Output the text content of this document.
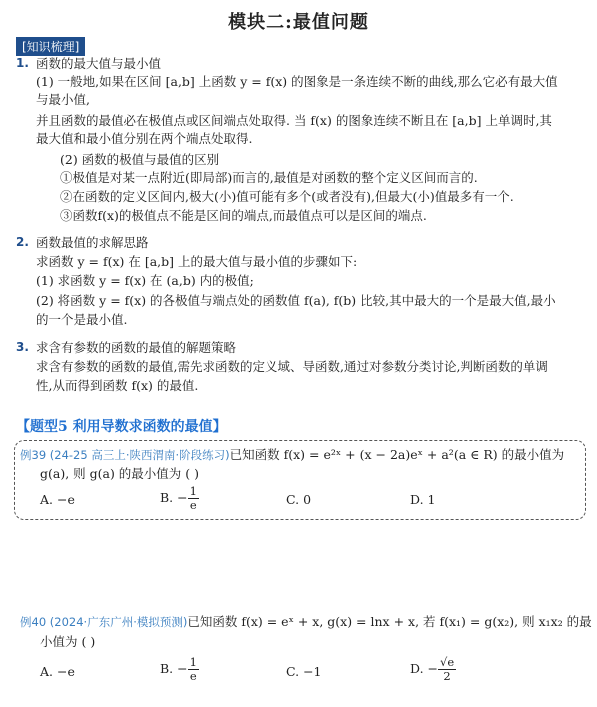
模块二:最值问题
[知识梳理]
1. 函数的最大值与最小值
(1) 一般地,如果在区间 [a,b] 上函数 y = f(x) 的图象是一条连续不断的曲线,那么它必有最大值
与最小值,
并且函数的最值必在极值点或区间端点处取得. 当 f(x) 的图象连续不断且在 [a,b] 上单调时,其
最大值和最小值分别在两个端点处取得.
(2) 函数的极值与最值的区别
①极值是对某一点附近(即局部)而言的,最值是对函数的整个定义区间而言的.
②在函数的定义区间内,极大(小)值可能有多个(或者没有),但最大(小)值最多有一个.
③函数f(x)的极值点不能是区间的端点,而最值点可以是区间的端点.
2. 函数最值的求解思路
求函数 y = f(x) 在 [a,b] 上的最大值与最小值的步骤如下:
(1) 求函数 y = f(x) 在 (a,b) 内的极值;
(2) 将函数 y = f(x) 的各极值与端点处的函数值 f(a), f(b) 比较,其中最大的一个是最大值,最小
的一个是最小值.
3. 求含有参数的函数的最值的解题策略
求含有参数的函数的最值,需先求函数的定义域、导函数,通过对参数分类讨论,判断函数的单调
性,从而得到函数 f(x) 的最值.
【题型5 利用导数求函数的最值】
例39 (24-25 高三上·陕西渭南·阶段练习)已知函数 f(x) = e²ˣ + (x − 2a)eˣ + a²(a ∈ R) 的最小值为
g(a), 则 g(a) 的最小值为 ( )
A. −e	B. − $\frac{1}{e}$	C. 0	D. 1
例40 (2024·广东广州·模拟预测)已知函数 f(x) = eˣ + x, g(x) = lnx + x, 若 f(x₁) = g(x₂), 则 x₁x₂ 的最
小值为 ( )
A. −e	B. − $\frac{1}{e}$	C. −1	D. − $\frac{√e}{2}$
